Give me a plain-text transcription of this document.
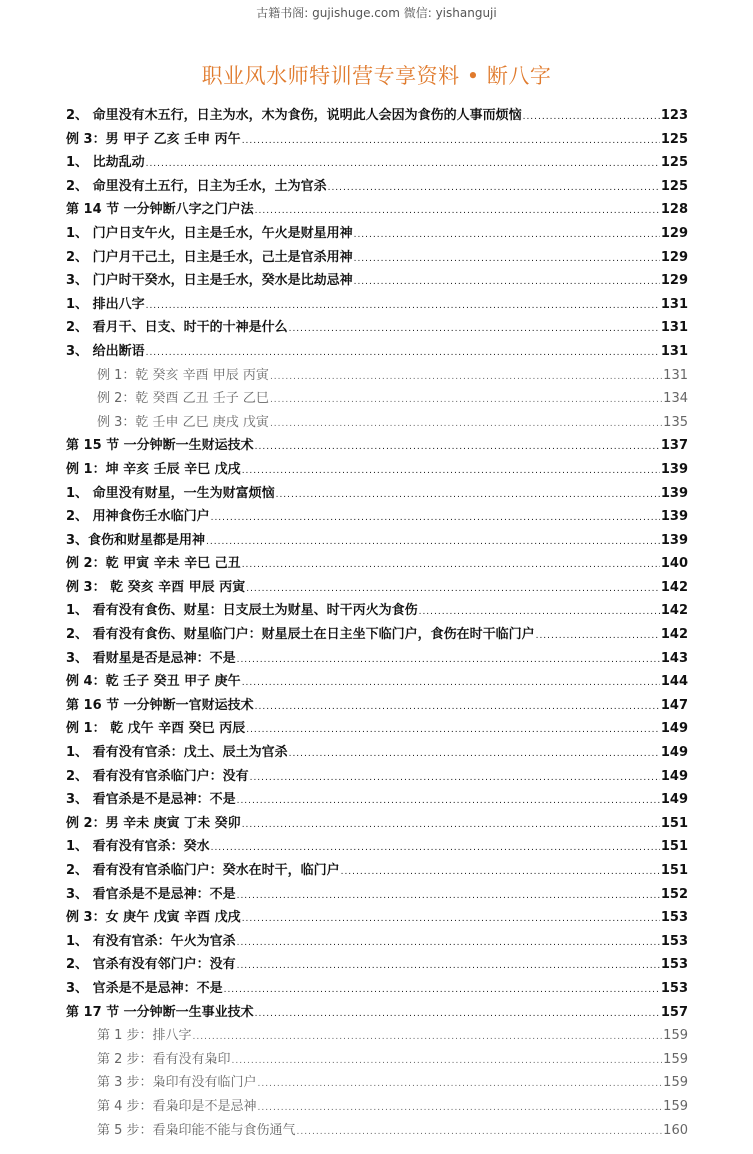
古籍书阁: gujishuge.com 微信: yishanguji
职业风水师特训营专享资料 • 断八字
2、 命里没有木五行，日主为水，木为食伤，说明此人会因为食伤的人事而烦恼 .....	123
例 3：男 甲子 乙亥 壬申 丙午 .....	125
1、 比劫乱动 .....	125
2、 命里没有土五行，日主为壬水，土为官杀 .....	125
第 14 节 一分钟断八字之门户法 .....	128
1、 门户日支午火，日主是壬水，午火是财星用神 .....	129
2、 门户月干己土，日主是壬水，己土是官杀用神 .....	129
3、 门户时干癸水，日主是壬水，癸水是比劫忌神 .....	129
1、 排出八字 .....	131
2、 看月干、日支、时干的十神是什么 .....	131
3、 给出断语 .....	131
例 1：乾 癸亥 辛酉 甲辰 丙寅 .....	131
例 2：乾 癸酉 乙丑 壬子 乙巳 .....	134
例 3：乾 壬申 乙巳 庚戌 戊寅 .....	135
第 15 节 一分钟断一生财运技术 .....	137
例 1：坤 辛亥 壬辰 辛巳 戊戌 .....	139
1、 命里没有财星，一生为财富烦恼 .....	139
2、 用神食伤壬水临门户 .....	139
3、食伤和财星都是用神 .....	139
例 2：乾 甲寅 辛未 辛巳 己丑 .....	140
例 3： 乾 癸亥 辛酉 甲辰 丙寅 .....	142
1、 看有没有食伤、财星：日支辰土为财星、时干丙火为食伤 .....	142
2、 看有没有食伤、财星临门户：财星辰土在日主坐下临门户，食伤在时干临门户 .....	142
3、 看财星是否是忌神：不是 .....	143
例 4：乾 壬子 癸丑 甲子 庚午 .....	144
第 16 节 一分钟断一官财运技术 .....	147
例 1： 乾 戊午 辛酉 癸巳 丙辰 .....	149
1、 看有没有官杀：戊土、辰土为官杀 .....	149
2、 看有没有官杀临门户：没有 .....	149
3、 看官杀是不是忌神：不是 .....	149
例 2：男 辛未 庚寅 丁未 癸卯 .....	151
1、 看有没有官杀：癸水 .....	151
2、 看有没有官杀临门户：癸水在时干，临门户 .....	151
3、 看官杀是不是忌神：不是 .....	152
例 3：女 庚午 戊寅 辛酉 戊戌 .....	153
1、 有没有官杀：午火为官杀 .....	153
2、 官杀有没有邻门户：没有 .....	153
3、 官杀是不是忌神：不是 .....	153
第 17 节 一分钟断一生事业技术 .....	157
第 1 步：排八字 .....	159
第 2 步：看有没有枭印 .....	159
第 3 步：枭印有没有临门户 .....	159
第 4 步：看枭印是不是忌神 .....	159
第 5 步：看枭印能不能与食伤通气 .....	160
